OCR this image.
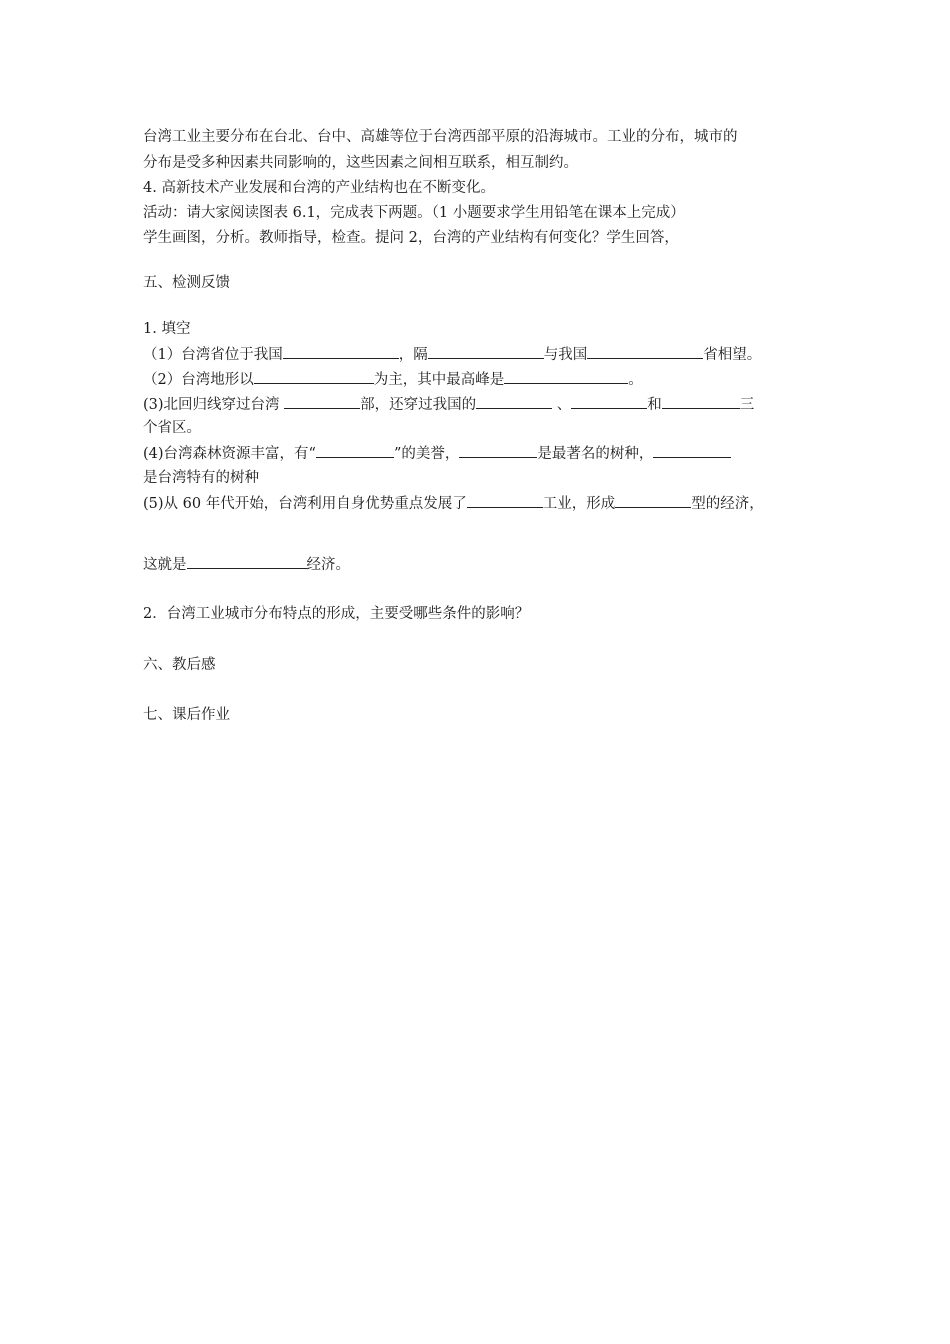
台湾工业主要分布在台北、台中、高雄等位于台湾西部平原的沿海城市。工业的分布，城市的
分布是受多种因素共同影响的，这些因素之间相互联系，相互制约。
4. 高新技术产业发展和台湾的产业结构也在不断变化。
活动：请大家阅读图表 6.1，完成表下两题。（1 小题要求学生用铅笔在课本上完成）
学生画图，分析。教师指导，检查。提问 2，台湾的产业结构有何变化？学生回答，
五、检测反馈
1. 填空
（1）台湾省位于我国	，隔	与我国	省相望。
（2）台湾地形以	为主，其中最高峰是	。
(3)北回归线穿过台湾	部，还穿过我国的	、	和	三
个省区。
(4)台湾森林资源丰富，有“	”的美誉，	是最著名的树种，
是台湾特有的树种
(5)从 60 年代开始，台湾利用自身优势重点发展了	工业，形成	型的经济，
这就是	经济。
2．台湾工业城市分布特点的形成，主要受哪些条件的影响？
六、教后感
七、课后作业
